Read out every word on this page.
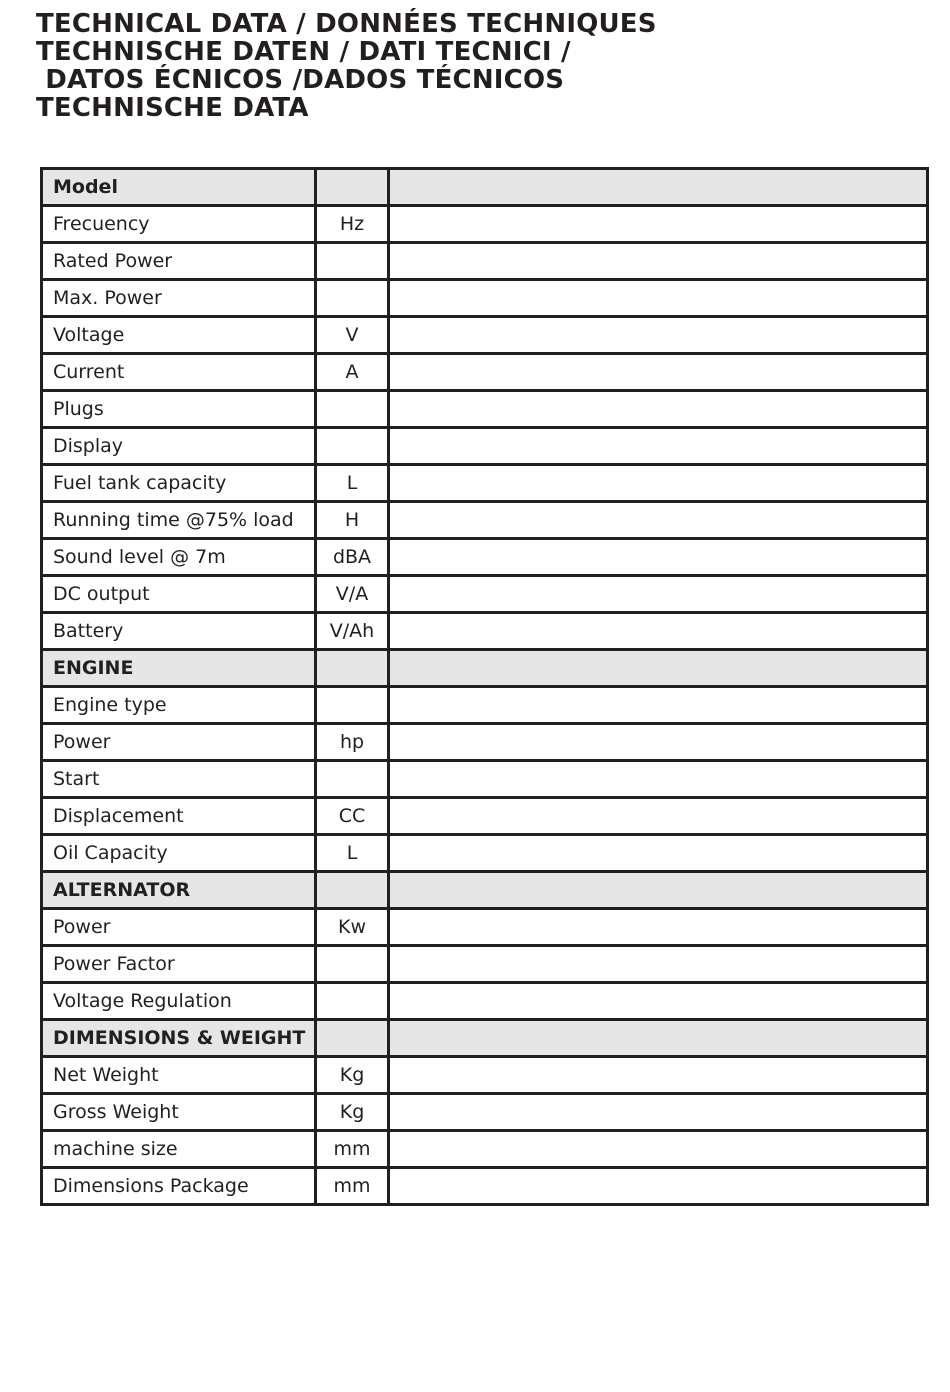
TECHNICAL DATA / DONNÉES TECHNIQUES
TECHNISCHE DATEN / DATI TECNICI /
DATOS ÉCNICOS /DADOS TÉCNICOS
TECHNISCHE DATA
Model		
Frecuency	Hz	
Rated Power		
Max. Power		
Voltage	V	
Current	A	
Plugs		
Display		
Fuel tank capacity	L	
Running time @75% load	H	
Sound level @ 7m	dBA	
DC output	V/A	
Battery	V/Ah	
ENGINE		
Engine type		
Power	hp	
Start		
Displacement	CC	
Oil Capacity	L	
ALTERNATOR		
Power	Kw	
Power Factor		
Voltage Regulation		
DIMENSIONS & WEIGHT		
Net Weight	Kg	
Gross Weight	Kg	
machine size	mm	
Dimensions Package	mm	
